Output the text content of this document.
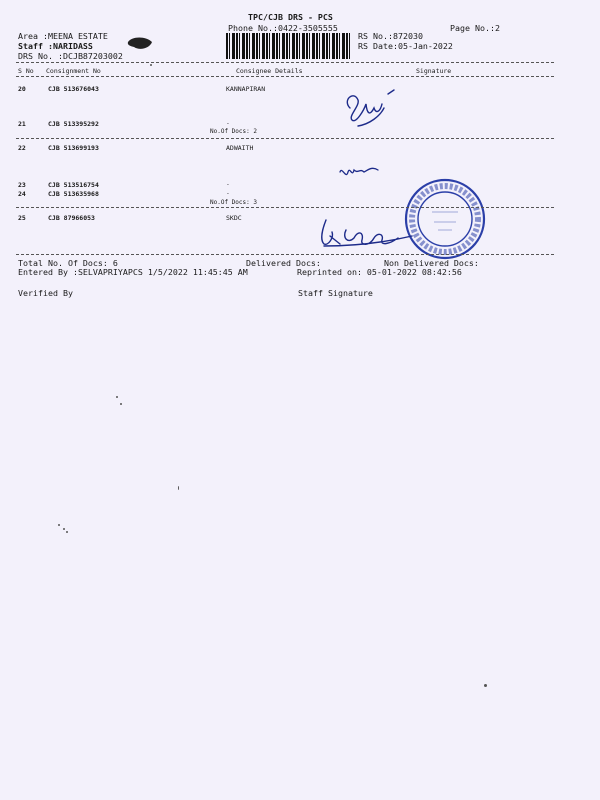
TPC/CJB DRS - PCS
Phone No.:0422-3505555	Page No.:2
Area :MEENA ESTATE
Staff :NARIDASS
DRS No. :DCJB87203002
RS No.:872030
RS Date:05-Jan-2022
S No Consignment No	Consignee Details	Signature
20	CJB 513676043	KANNAPIRAN
21	CJB 513395292	.
No.Of Docs: 2
22	CJB 513699193	ADWAITH
23	CJB 513516754	.
24	CJB 513635968	.
No.Of Docs: 3
25	CJB 87966053	SKDC
Total No. Of Docs: 6	Delivered Docs:	Non Delivered Docs:
Entered By :SELVAPRIYAPCS 1/5/2022 11:45:45 AM	Reprinted on: 05-01-2022 08:42:56
Verified By	Staff Signature
